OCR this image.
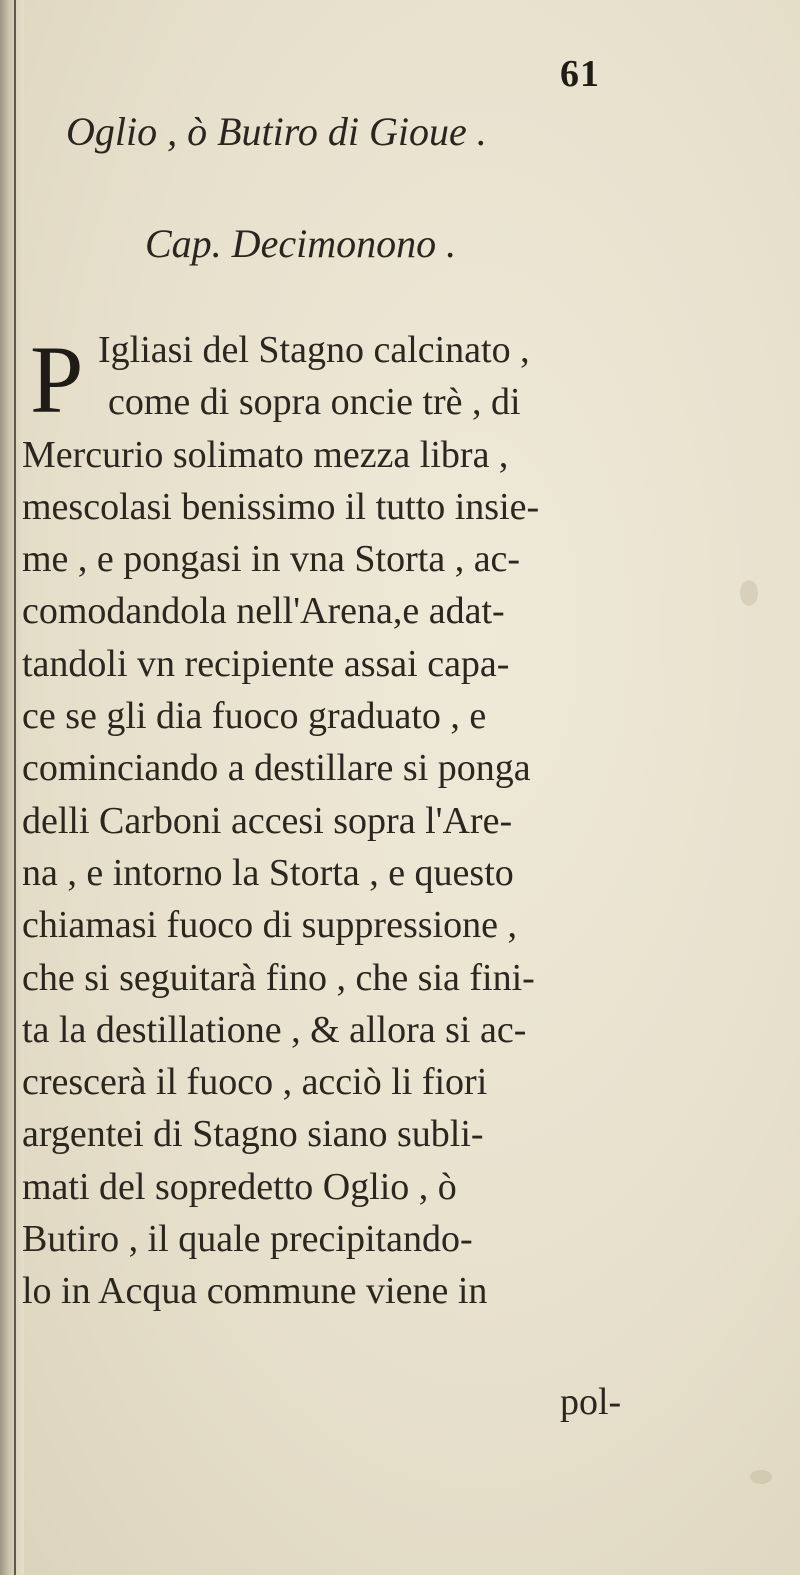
61
Oglio , ò Butiro di Gioue .
Cap. Decimonono .
P Igliasi del Stagno calcinato ,
come di sopra oncie trè , di
Mercurio solimato mezza libra ,
mescolasi benissimo il tutto insie-
me , e pongasi in vna Storta , ac-
comodandola nell'Arena,e adat-
tandoli vn recipiente assai capa-
ce se gli dia fuoco graduato , e
cominciando a destillare si ponga
delli Carboni accesi sopra l'Are-
na , e intorno la Storta , e questo
chiamasi fuoco di suppressione ,
che si seguitarà fino , che sia fini-
ta la destillatione , & allora si ac-
crescerà il fuoco , acciò li fiori
argentei di Stagno siano subli-
mati del sopredetto Oglio , ò
Butiro , il quale precipitando-
lo in Acqua commune viene in
pol-
